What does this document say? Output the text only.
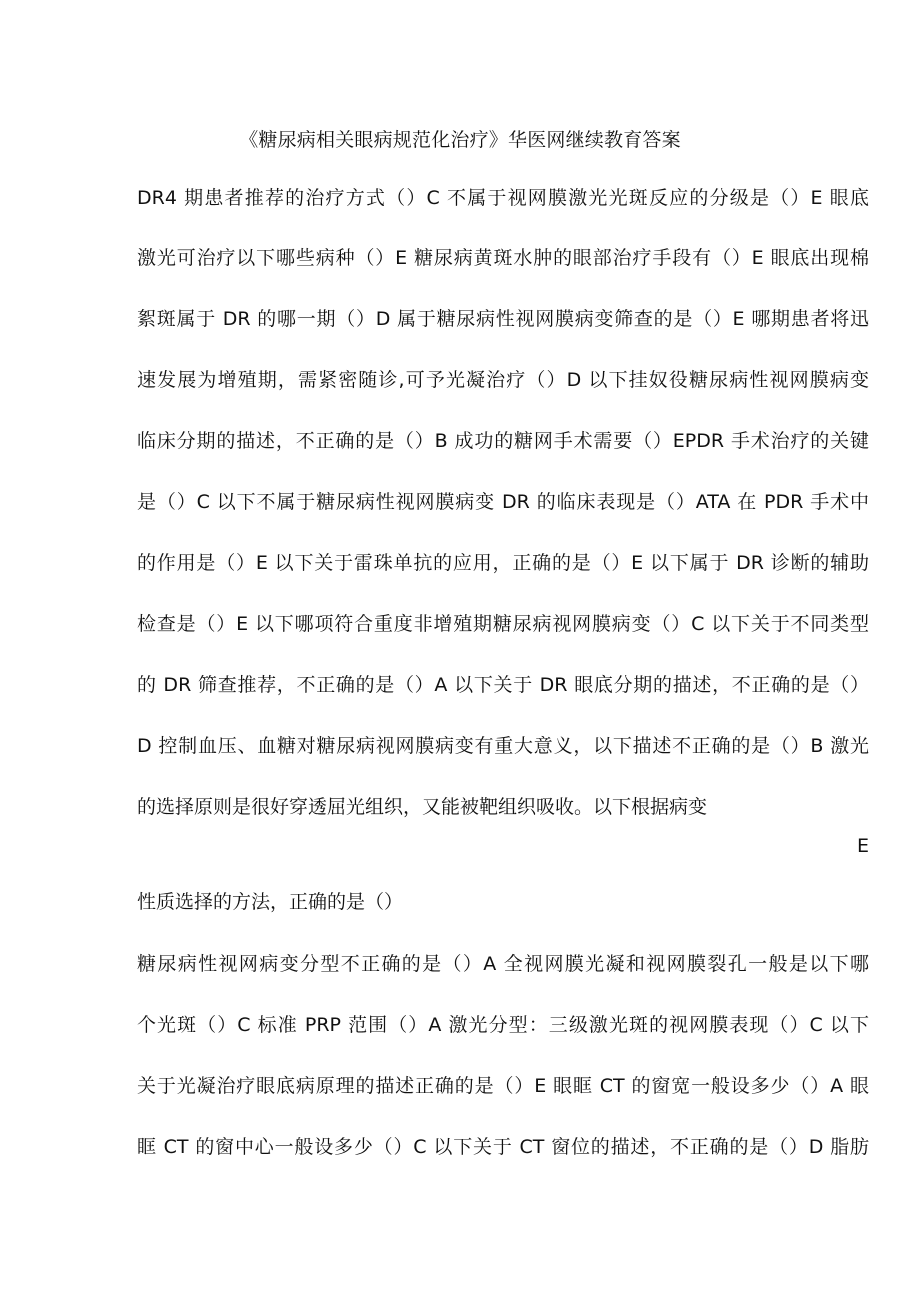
《糖尿病相关眼病规范化治疗》华医网继续教育答案
DR4 期患者推荐的治疗方式（）C 不属于视网膜激光光斑反应的分级是（）E 眼底
激光可治疗以下哪些病种（）E 糖尿病黄斑水肿的眼部治疗手段有（）E 眼底出现棉
絮斑属于 DR 的哪一期（）D 属于糖尿病性视网膜病变筛查的是（）E 哪期患者将迅
速发展为增殖期，需紧密随诊,可予光凝治疗（）D 以下挂奴役糖尿病性视网膜病变
临床分期的描述，不正确的是（）B 成功的糖网手术需要（）EPDR 手术治疗的关键
是（）C 以下不属于糖尿病性视网膜病变 DR 的临床表现是（）ATA 在 PDR 手术中
的作用是（）E 以下关于雷珠单抗的应用，正确的是（）E 以下属于 DR 诊断的辅助
检查是（）E 以下哪项符合重度非增殖期糖尿病视网膜病变（）C 以下关于不同类型
的 DR 筛查推荐，不正确的是（）A 以下关于 DR 眼底分期的描述，不正确的是（）
D 控制血压、血糖对糖尿病视网膜病变有重大意义，以下描述不正确的是（）B 激光
的选择原则是很好穿透屈光组织，又能被靶组织吸收。以下根据病变
E
性质选择的方法，正确的是（）
糖尿病性视网病变分型不正确的是（）A 全视网膜光凝和视网膜裂孔一般是以下哪
个光斑（）C 标准 PRP 范围（）A 激光分型：三级激光斑的视网膜表现（）C 以下
关于光凝治疗眼底病原理的描述正确的是（）E 眼眶 CT 的窗宽一般设多少（）A 眼
眶 CT 的窗中心一般设多少（）C 以下关于 CT 窗位的描述，不正确的是（）D 脂肪
